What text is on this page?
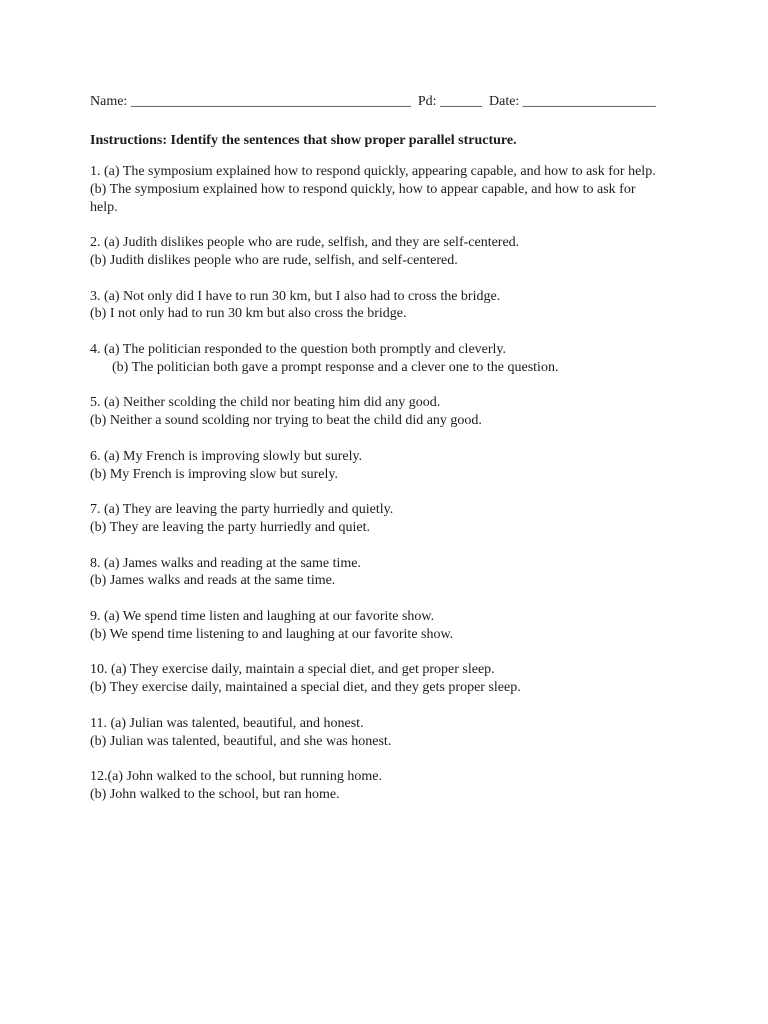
Name: ________________________________________  Pd: ______  Date: ___________________
Instructions: Identify the sentences that show proper parallel structure.
1. (a) The symposium explained how to respond quickly, appearing capable, and how to ask for help.
(b) The symposium explained how to respond quickly, how to appear capable, and how to ask for help.
2. (a) Judith dislikes people who are rude, selfish, and they are self-centered.
(b) Judith dislikes people who are rude, selfish, and self-centered.
3. (a) Not only did I have to run 30 km, but I also had to cross the bridge.
(b) I not only had to run 30 km but also cross the bridge.
4. (a) The politician responded to the question both promptly and cleverly.
(b) The politician both gave a prompt response and a clever one to the question.
5. (a) Neither scolding the child nor beating him did any good.
(b) Neither a sound scolding nor trying to beat the child did any good.
6. (a) My French is improving slowly but surely.
(b) My French is improving slow but surely.
7. (a) They are leaving the party hurriedly and quietly.
(b) They are leaving the party hurriedly and quiet.
8. (a) James walks and reading at the same time.
(b) James walks and reads at the same time.
9. (a) We spend time listen and laughing at our favorite show.
(b) We spend time listening to and laughing at our favorite show.
10. (a) They exercise daily, maintain a special diet, and get proper sleep.
(b) They exercise daily, maintained a special diet, and they gets proper sleep.
11. (a) Julian was talented, beautiful, and honest.
(b) Julian was talented, beautiful, and she was honest.
12.(a) John walked to the school, but running home.
(b) John walked to the school, but ran home.
